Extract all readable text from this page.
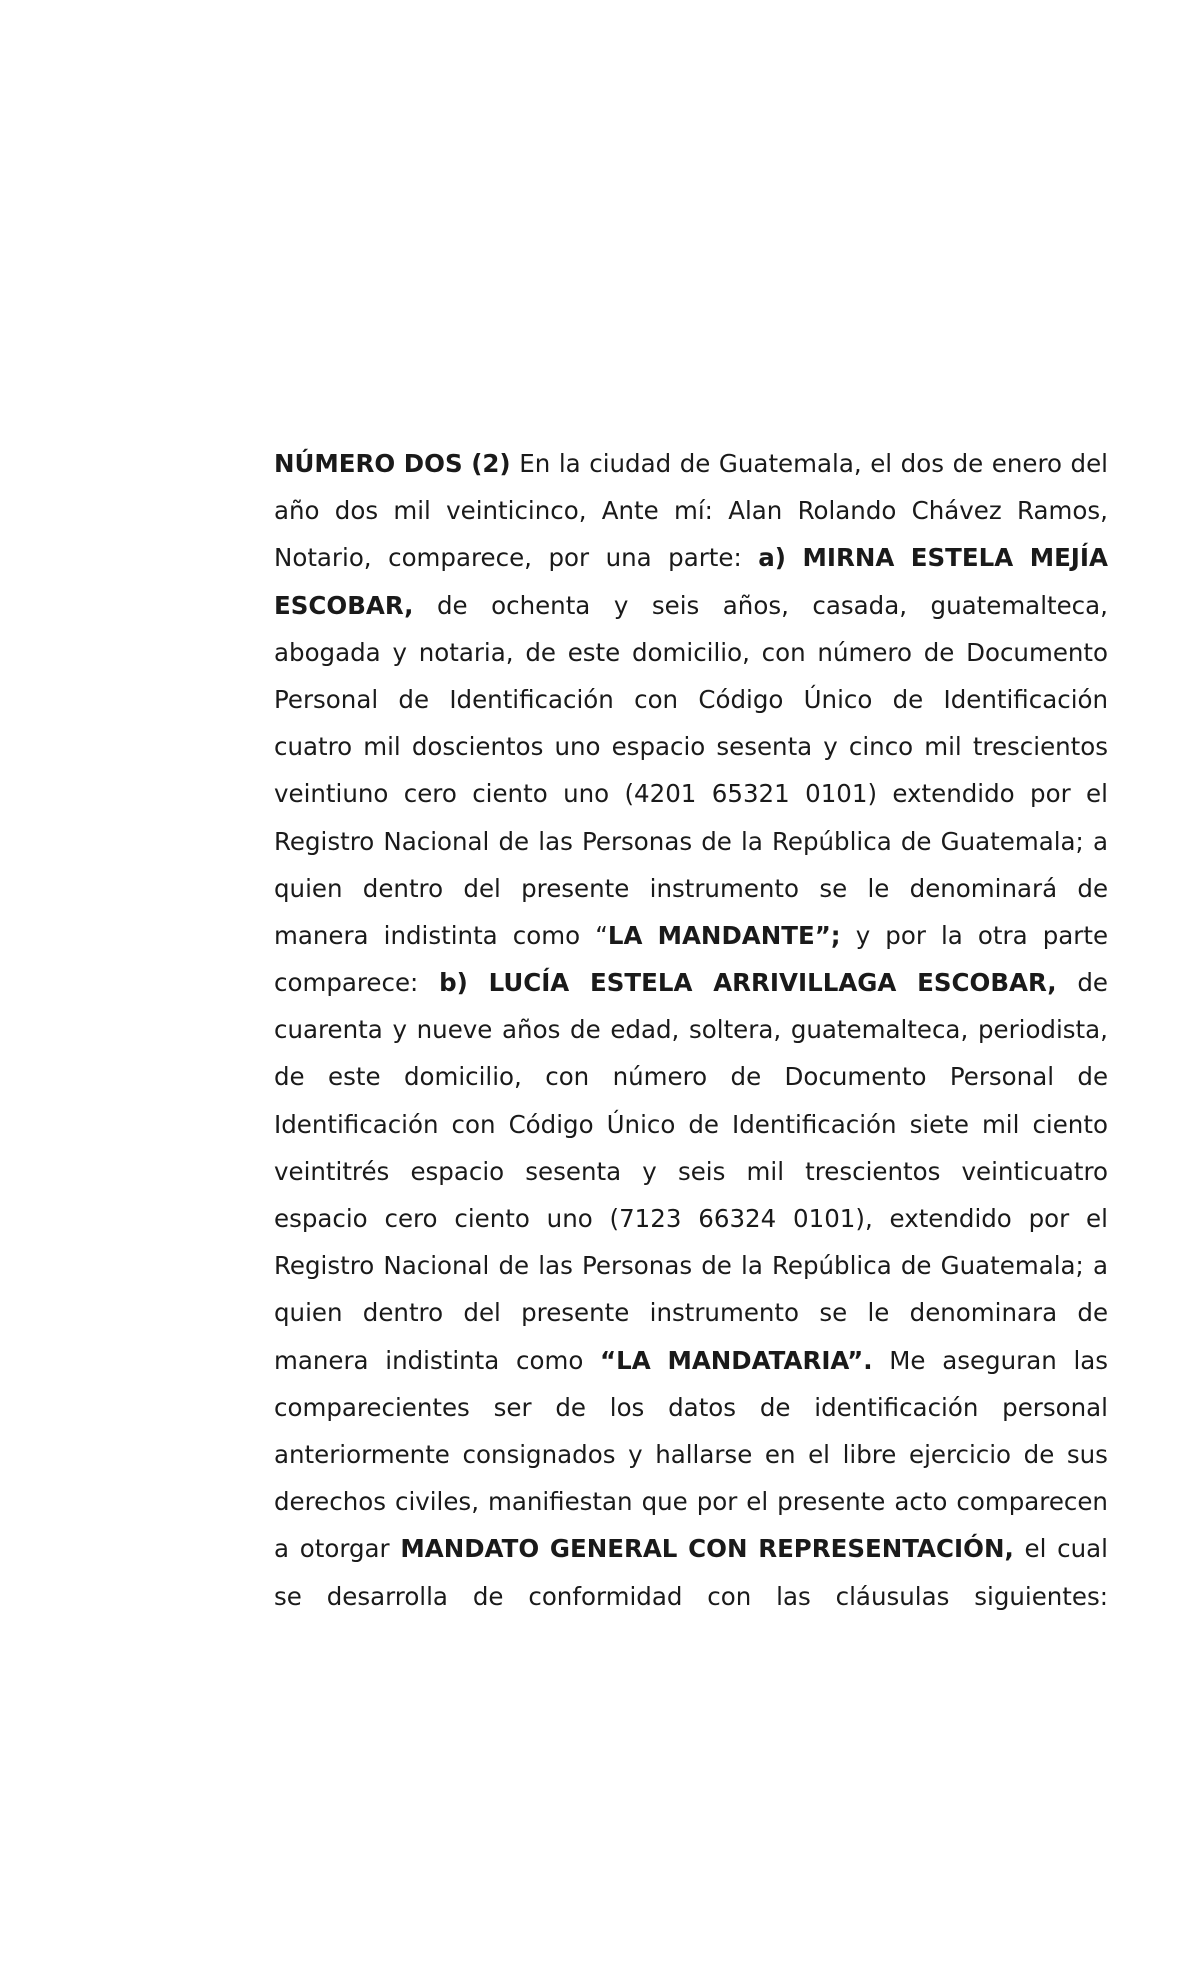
NÚMERO DOS (2) En la ciudad de Guatemala, el dos de enero del
año dos mil veinticinco, Ante mí: Alan Rolando Chávez Ramos,
Notario, comparece, por una parte: a) MIRNA ESTELA MEJÍA
ESCOBAR, de ochenta y seis años, casada, guatemalteca,
abogada y notaria, de este domicilio, con número de Documento
Personal de Identificación con Código Único de Identificación
cuatro mil doscientos uno espacio sesenta y cinco mil trescientos
veintiuno cero ciento uno (4201 65321 0101) extendido por el
Registro Nacional de las Personas de la República de Guatemala; a
quien dentro del presente instrumento se le denominará de
manera indistinta como “LA MANDANTE”; y por la otra parte
comparece: b) LUCÍA ESTELA ARRIVILLAGA ESCOBAR, de
cuarenta y nueve años de edad, soltera, guatemalteca, periodista,
de este domicilio, con número de Documento Personal de
Identificación con Código Único de Identificación siete mil ciento
veintitrés espacio sesenta y seis mil trescientos veinticuatro
espacio cero ciento uno (7123 66324 0101), extendido por el
Registro Nacional de las Personas de la República de Guatemala; a
quien dentro del presente instrumento se le denominara de
manera indistinta como “LA MANDATARIA”. Me aseguran las
comparecientes ser de los datos de identificación personal
anteriormente consignados y hallarse en el libre ejercicio de sus
derechos civiles, manifiestan que por el presente acto comparecen
a otorgar MANDATO GENERAL CON REPRESENTACIÓN, el cual
se desarrolla de conformidad con las cláusulas siguientes:
